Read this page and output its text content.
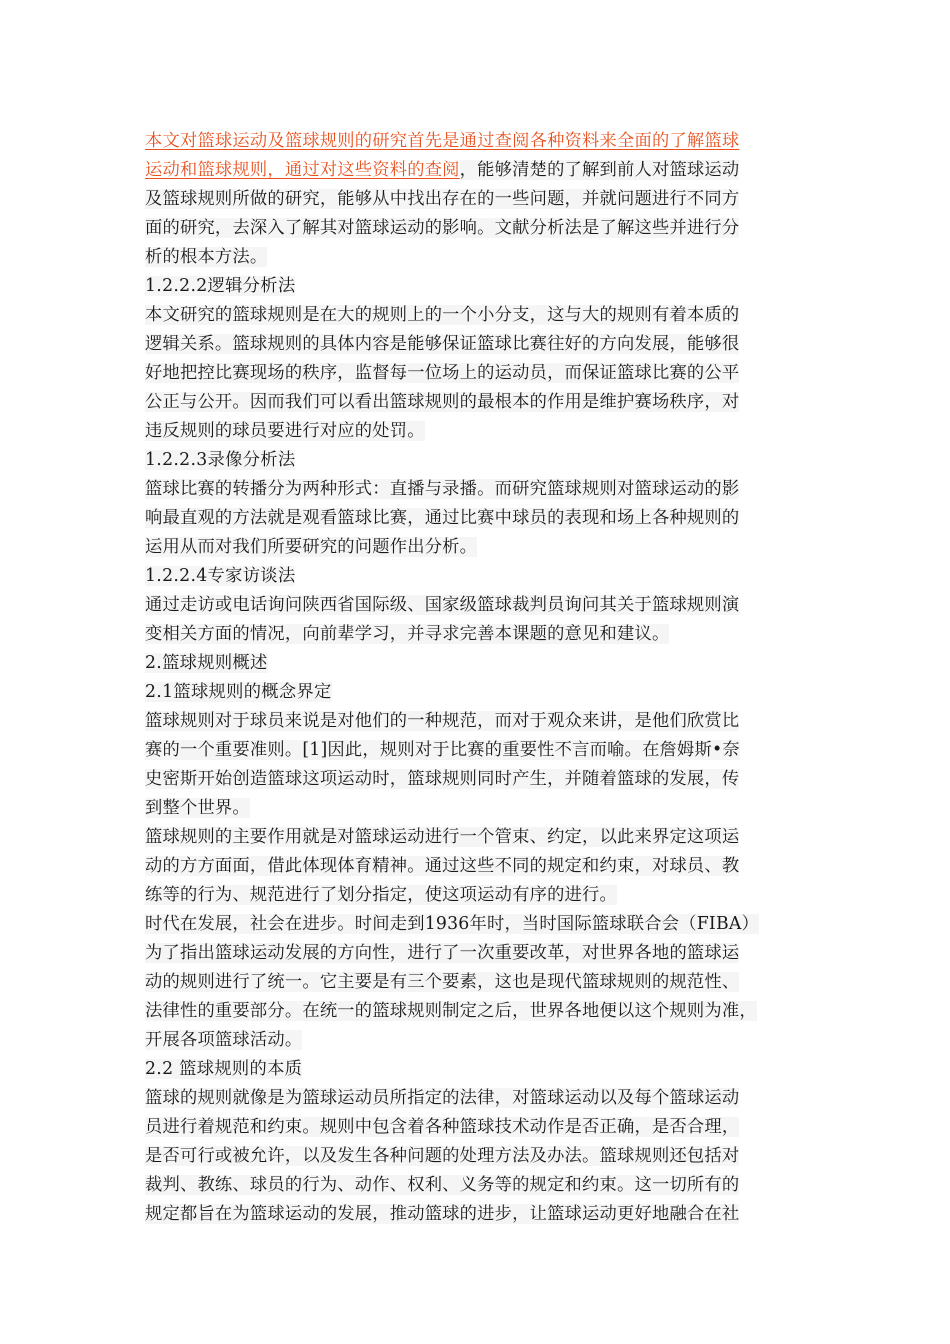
本文对篮球运动及篮球规则的研究首先是通过查阅各种资料来全面的了解篮球
运动和篮球规则，通过对这些资料的查阅，能够清楚的了解到前人对篮球运动
及篮球规则所做的研究，能够从中找出存在的一些问题，并就问题进行不同方
面的研究，去深入了解其对篮球运动的影响。文献分析法是了解这些并进行分
析的根本方法。
1.2.2.2逻辑分析法
本文研究的篮球规则是在大的规则上的一个小分支，这与大的规则有着本质的
逻辑关系。篮球规则的具体内容是能够保证篮球比赛往好的方向发展，能够很
好地把控比赛现场的秩序，监督每一位场上的运动员，而保证篮球比赛的公平
公正与公开。因而我们可以看出篮球规则的最根本的作用是维护赛场秩序，对
违反规则的球员要进行对应的处罚。
1.2.2.3录像分析法
篮球比赛的转播分为两种形式：直播与录播。而研究篮球规则对篮球运动的影
响最直观的方法就是观看篮球比赛，通过比赛中球员的表现和场上各种规则的
运用从而对我们所要研究的问题作出分析。
1.2.2.4专家访谈法
通过走访或电话询问陕西省国际级、国家级篮球裁判员询问其关于篮球规则演
变相关方面的情况，向前辈学习，并寻求完善本课题的意见和建议。
2.篮球规则概述
2.1篮球规则的概念界定
篮球规则对于球员来说是对他们的一种规范，而对于观众来讲，是他们欣赏比
赛的一个重要准则。[1]因此，规则对于比赛的重要性不言而喻。在詹姆斯•奈
史密斯开始创造篮球这项运动时，篮球规则同时产生，并随着篮球的发展，传
到整个世界。
篮球规则的主要作用就是对篮球运动进行一个管束、约定，以此来界定这项运
动的方方面面，借此体现体育精神。通过这些不同的规定和约束，对球员、教
练等的行为、规范进行了划分指定，使这项运动有序的进行。
时代在发展，社会在进步。时间走到1936年时，当时国际篮球联合会（FIBA）
为了指出篮球运动发展的方向性，进行了一次重要改革，对世界各地的篮球运
动的规则进行了统一。它主要是有三个要素，这也是现代篮球规则的规范性、
法律性的重要部分。在统一的篮球规则制定之后，世界各地便以这个规则为准，
开展各项篮球活动。
2.2 篮球规则的本质
篮球的规则就像是为篮球运动员所指定的法律，对篮球运动以及每个篮球运动
员进行着规范和约束。规则中包含着各种篮球技术动作是否正确，是否合理，
是否可行或被允许，以及发生各种问题的处理方法及办法。篮球规则还包括对
裁判、教练、球员的行为、动作、权利、义务等的规定和约束。这一切所有的
规定都旨在为篮球运动的发展，推动篮球的进步，让篮球运动更好地融合在社
